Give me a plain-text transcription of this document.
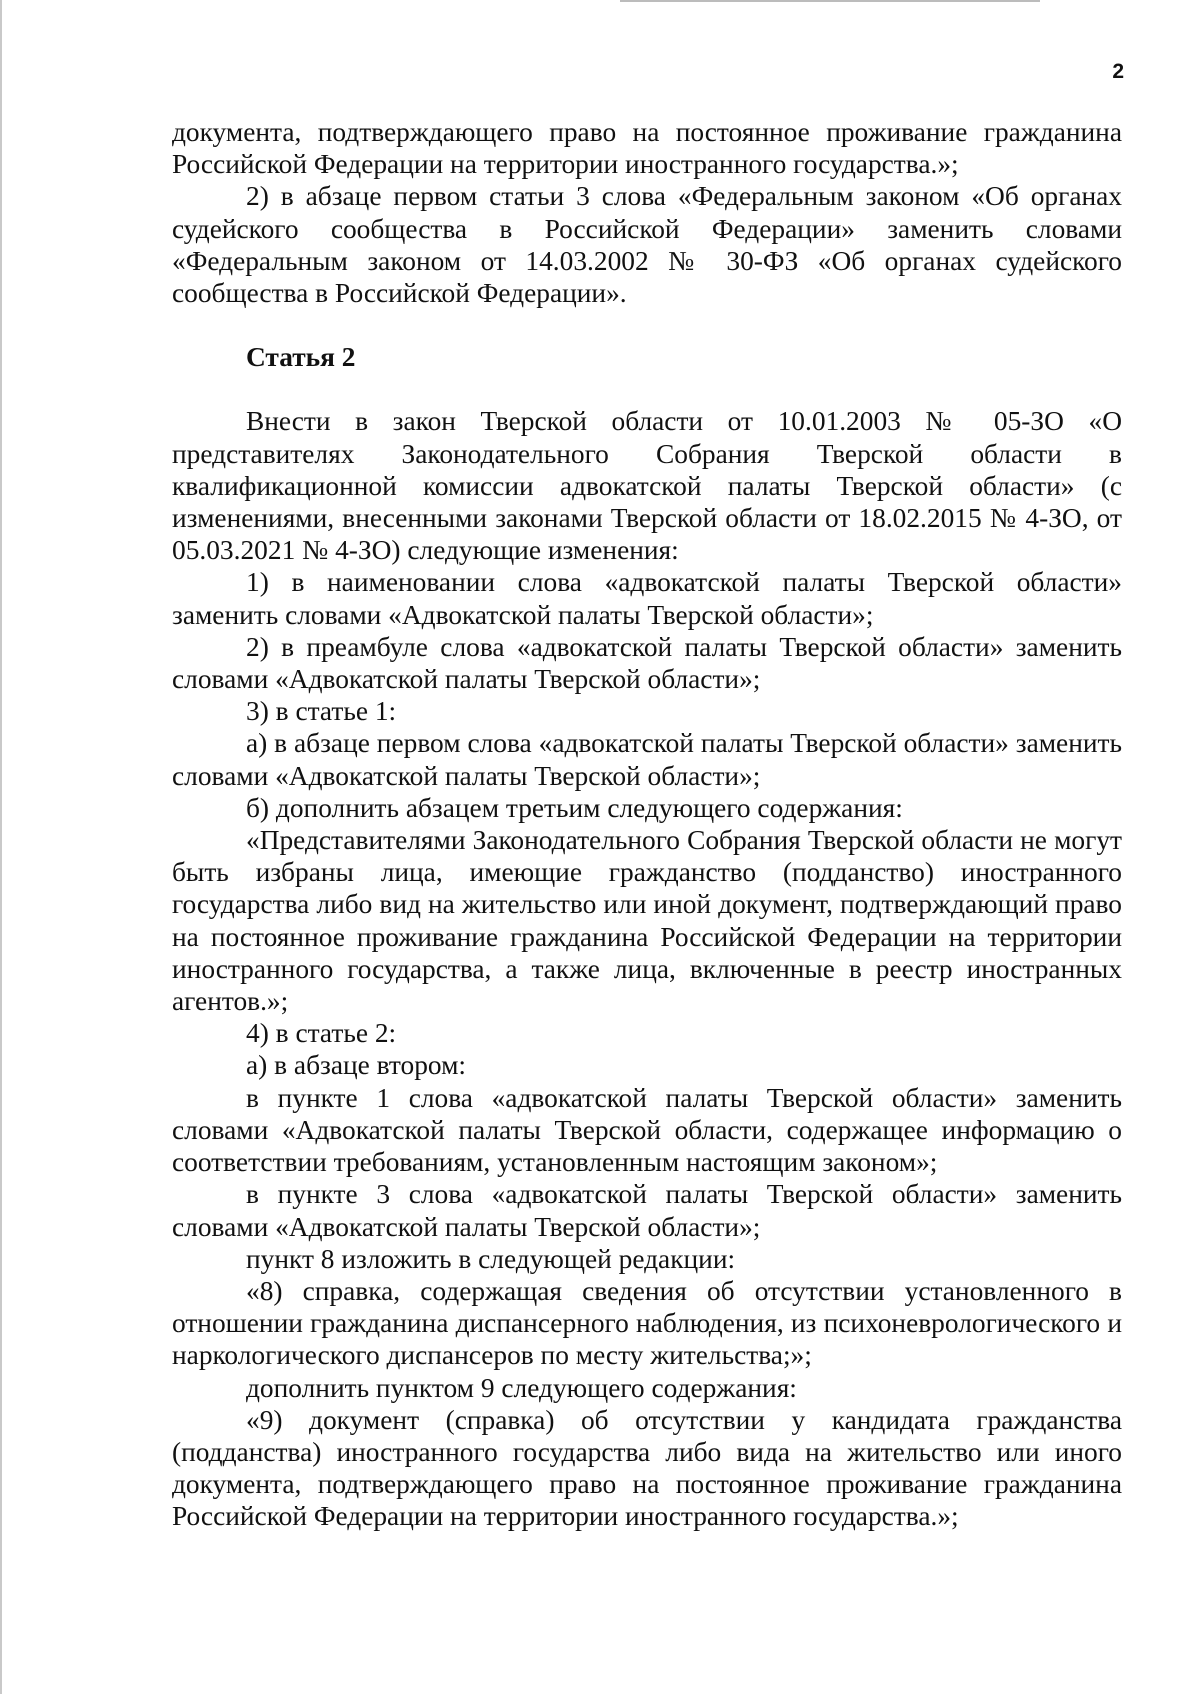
2

документа, подтверждающего право на постоянное проживание гражданина Российской Федерации на территории иностранного государства.»;

2) в абзаце первом статьи 3 слова «Федеральным законом «Об органах судейского сообщества в Российской Федерации» заменить словами «Федеральным законом от 14.03.2002 № 30-ФЗ «Об органах судейского сообщества в Российской Федерации».

Статья 2

Внести в закон Тверской области от 10.01.2003 № 05-ЗО «О представителях Законодательного Собрания Тверской области в квалификационной комиссии адвокатской палаты Тверской области» (с изменениями, внесенными законами Тверской области от 18.02.2015 № 4-ЗО, от 05.03.2021 № 4-ЗО) следующие изменения:

1) в наименовании слова «адвокатской палаты Тверской области» заменить словами «Адвокатской палаты Тверской области»;

2) в преамбуле слова «адвокатской палаты Тверской области» заменить словами «Адвокатской палаты Тверской области»;

3) в статье 1:

а) в абзаце первом слова «адвокатской палаты Тверской области» заменить словами «Адвокатской палаты Тверской области»;

б) дополнить абзацем третьим следующего содержания:

«Представителями Законодательного Собрания Тверской области не могут быть избраны лица, имеющие гражданство (подданство) иностранного государства либо вид на жительство или иной документ, подтверждающий право на постоянное проживание гражданина Российской Федерации на территории иностранного государства, а также лица, включенные в реестр иностранных агентов.»;

4) в статье 2:

а) в абзаце втором:

в пункте 1 слова «адвокатской палаты Тверской области» заменить словами «Адвокатской палаты Тверской области, содержащее информацию о соответствии требованиям, установленным настоящим законом»;

в пункте 3 слова «адвокатской палаты Тверской области» заменить словами «Адвокатской палаты Тверской области»;

пункт 8 изложить в следующей редакции:

«8) справка, содержащая сведения об отсутствии установленного в отношении гражданина диспансерного наблюдения, из психоневрологического и наркологического диспансеров по месту жительства;»;

дополнить пунктом 9 следующего содержания:

«9) документ (справка) об отсутствии у кандидата гражданства (подданства) иностранного государства либо вида на жительство или иного документа, подтверждающего право на постоянное проживание гражданина Российской Федерации на территории иностранного государства.»;
